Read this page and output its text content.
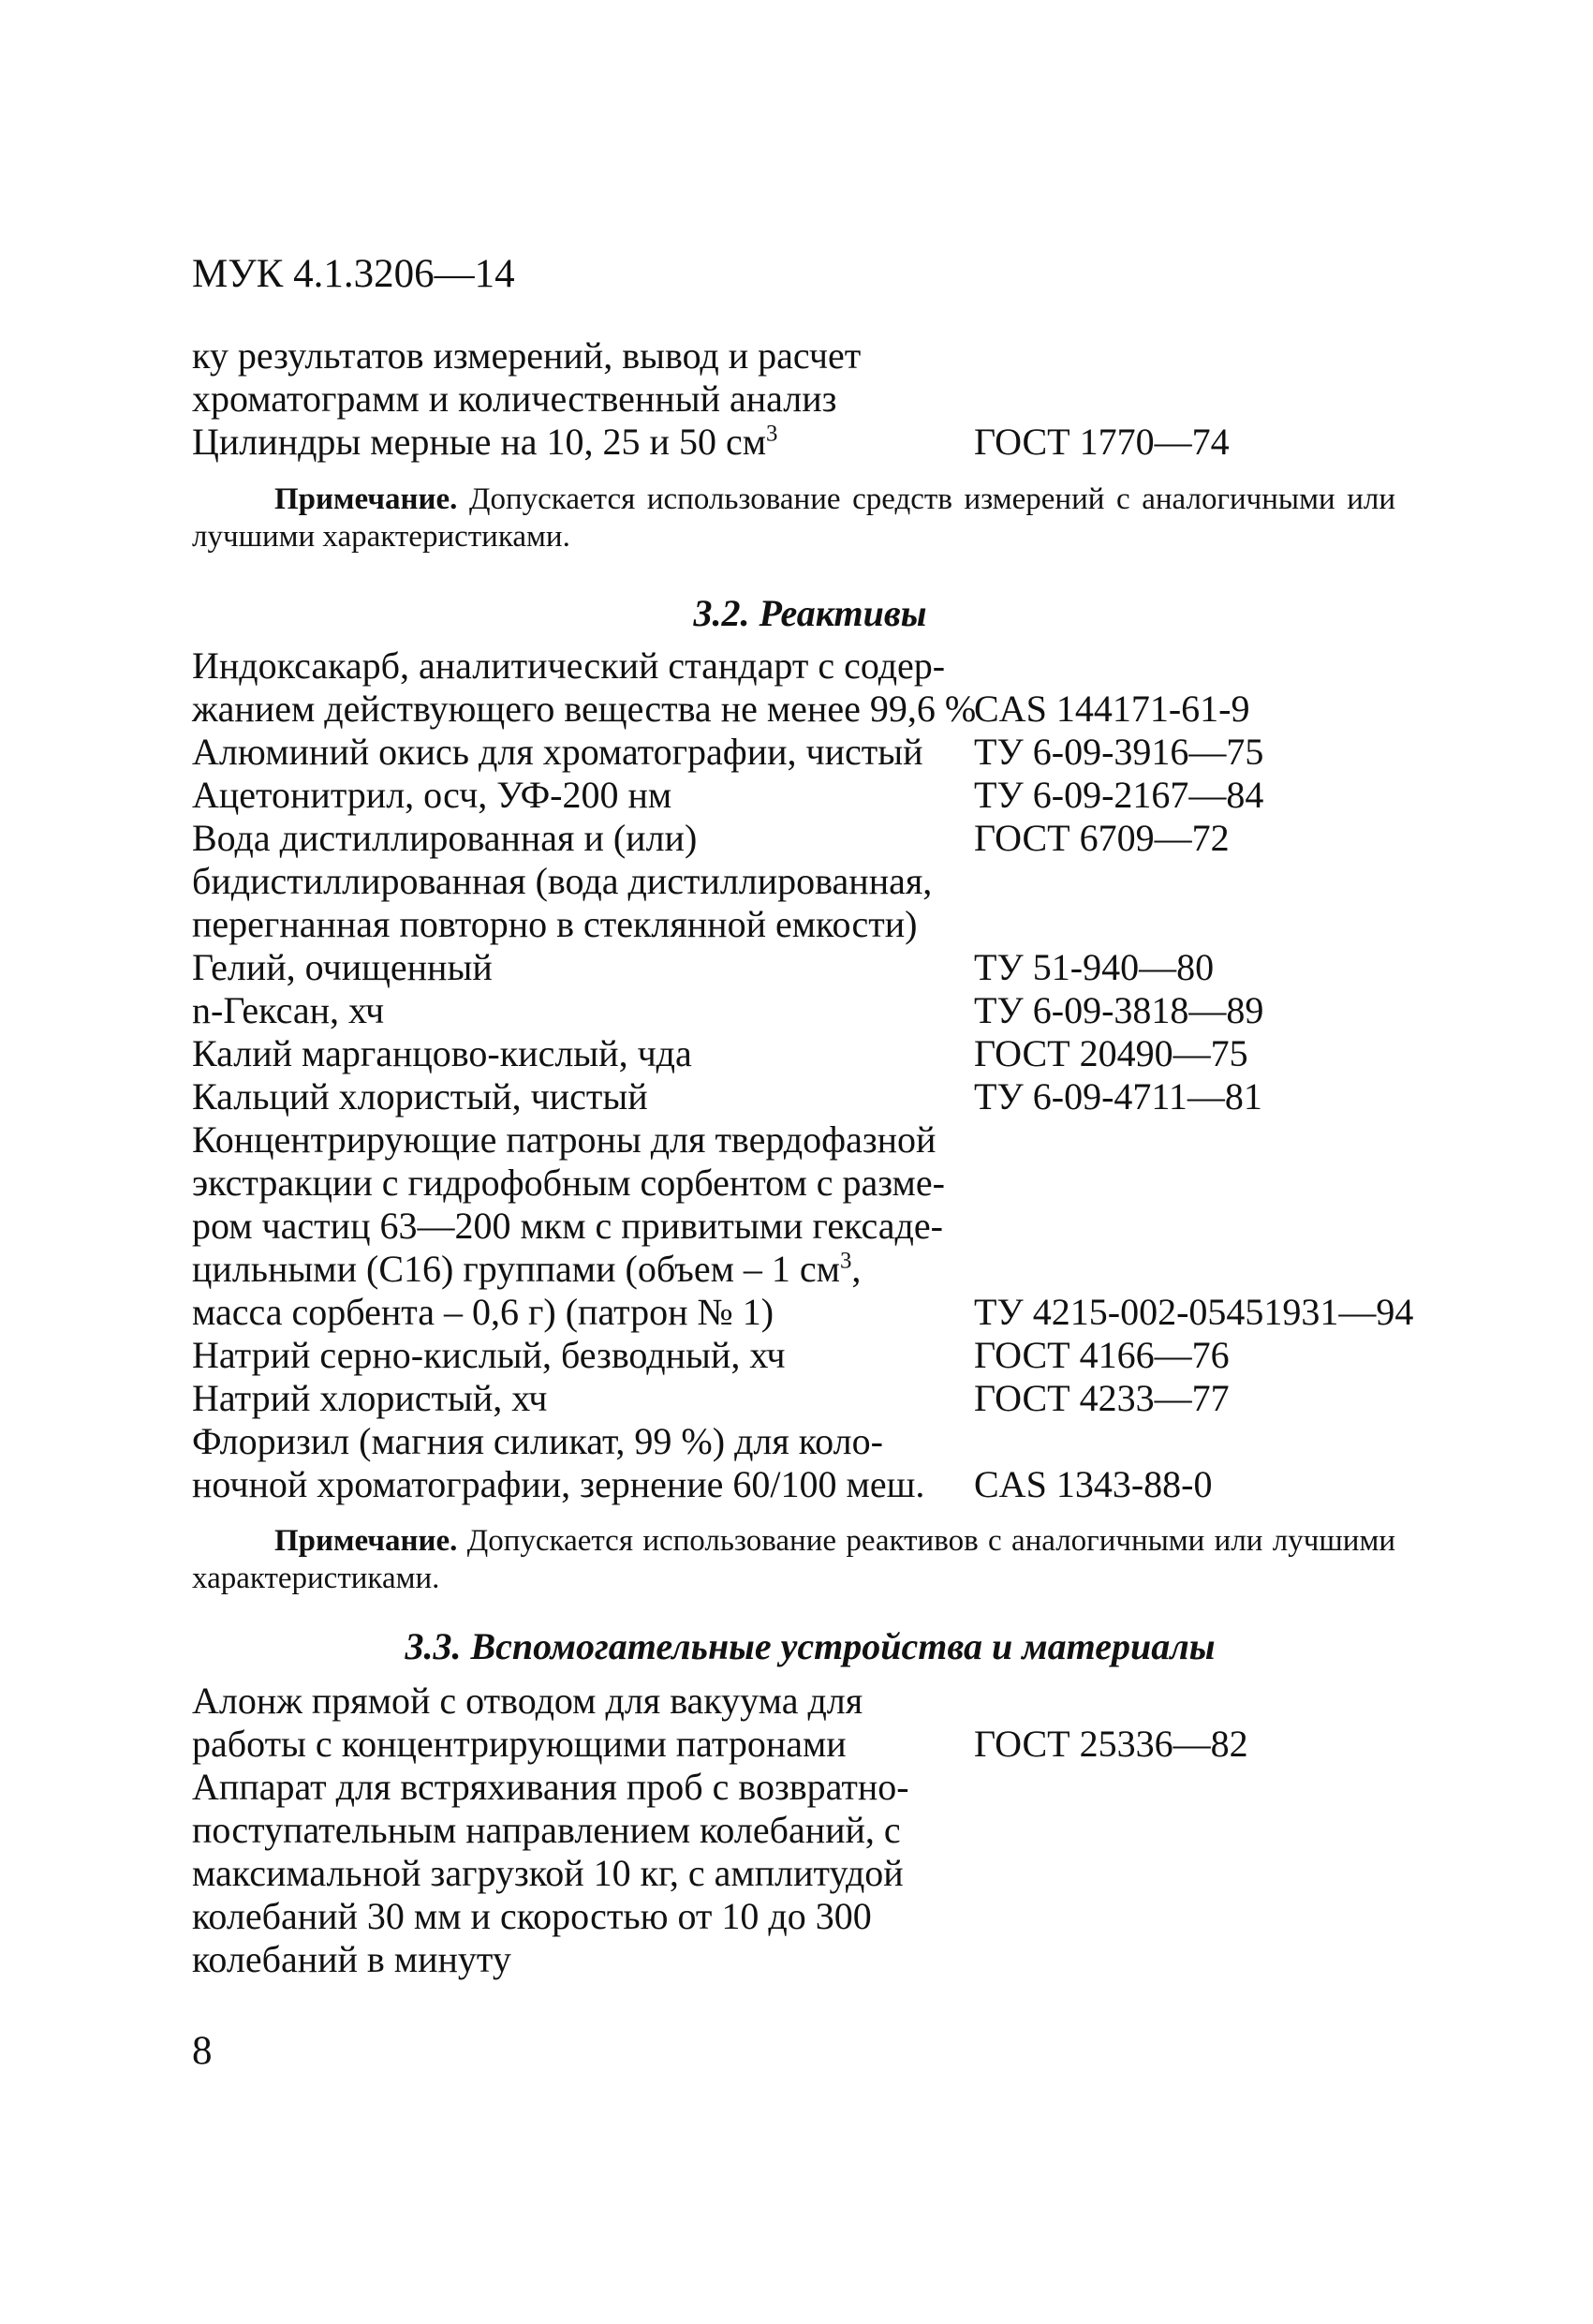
МУК 4.1.3206—14
ку результатов измерений, вывод и расчет
хроматограмм и количественный анализ
Цилиндры мерные на 10, 25 и 50 $см^3$	ГОСТ 1770—74
Примечание. Допускается использование средств измерений с аналогичными или лучшими характеристиками.
3.2. Реактивы
Индоксакарб, аналитический стандарт с содер-
жанием действующего вещества не менее 99,6 %
CAS 144171-61-9
Алюминий окись для хроматографии, чистый ТУ 6-09-3916—75
Ацетонитрил, осч, УФ-200 нм	ТУ 6-09-2167—84
Вода дистиллированная и (или)	ГОСТ 6709—72
бидистиллированная (вода дистиллированная,
перегнанная повторно в стеклянной емкости)
Гелий, очищенный	ТУ 51-940—80
n-Гексан, хч	ТУ 6-09-3818—89
Калий марганцово-кислый, чда	ГОСТ 20490—75
Кальций хлористый, чистый	ТУ 6-09-4711—81
Концентрирующие патроны для твердофазной
экстракции с гидрофобным сорбентом с разме-
ром частиц 63—200 мкм с привитыми гексаде-
цильными (С16) группами (объем – 1 $см^3$,
масса сорбента – 0,6 г) (патрон № 1)	ТУ 4215-002-05451931—94
Натрий серно-кислый, безводный, хч	ГОСТ 4166—76
Натрий хлористый, хч	ГОСТ 4233—77
Флоризил (магния силикат, 99 %) для коло-
ночной хроматографии, зернение 60/100 меш. CAS 1343-88-0
Примечание. Допускается использование реактивов с аналогичными или лучшими характеристиками.
3.3. Вспомогательные устройства и материалы
Алонж прямой с отводом для вакуума для
работы с концентрирующими патронами	ГОСТ 25336—82
Аппарат для встряхивания проб с возвратно-
поступательным направлением колебаний, с
максимальной загрузкой 10 кг, с амплитудой
колебаний 30 мм и скоростью от 10 до 300
колебаний в минуту
8
